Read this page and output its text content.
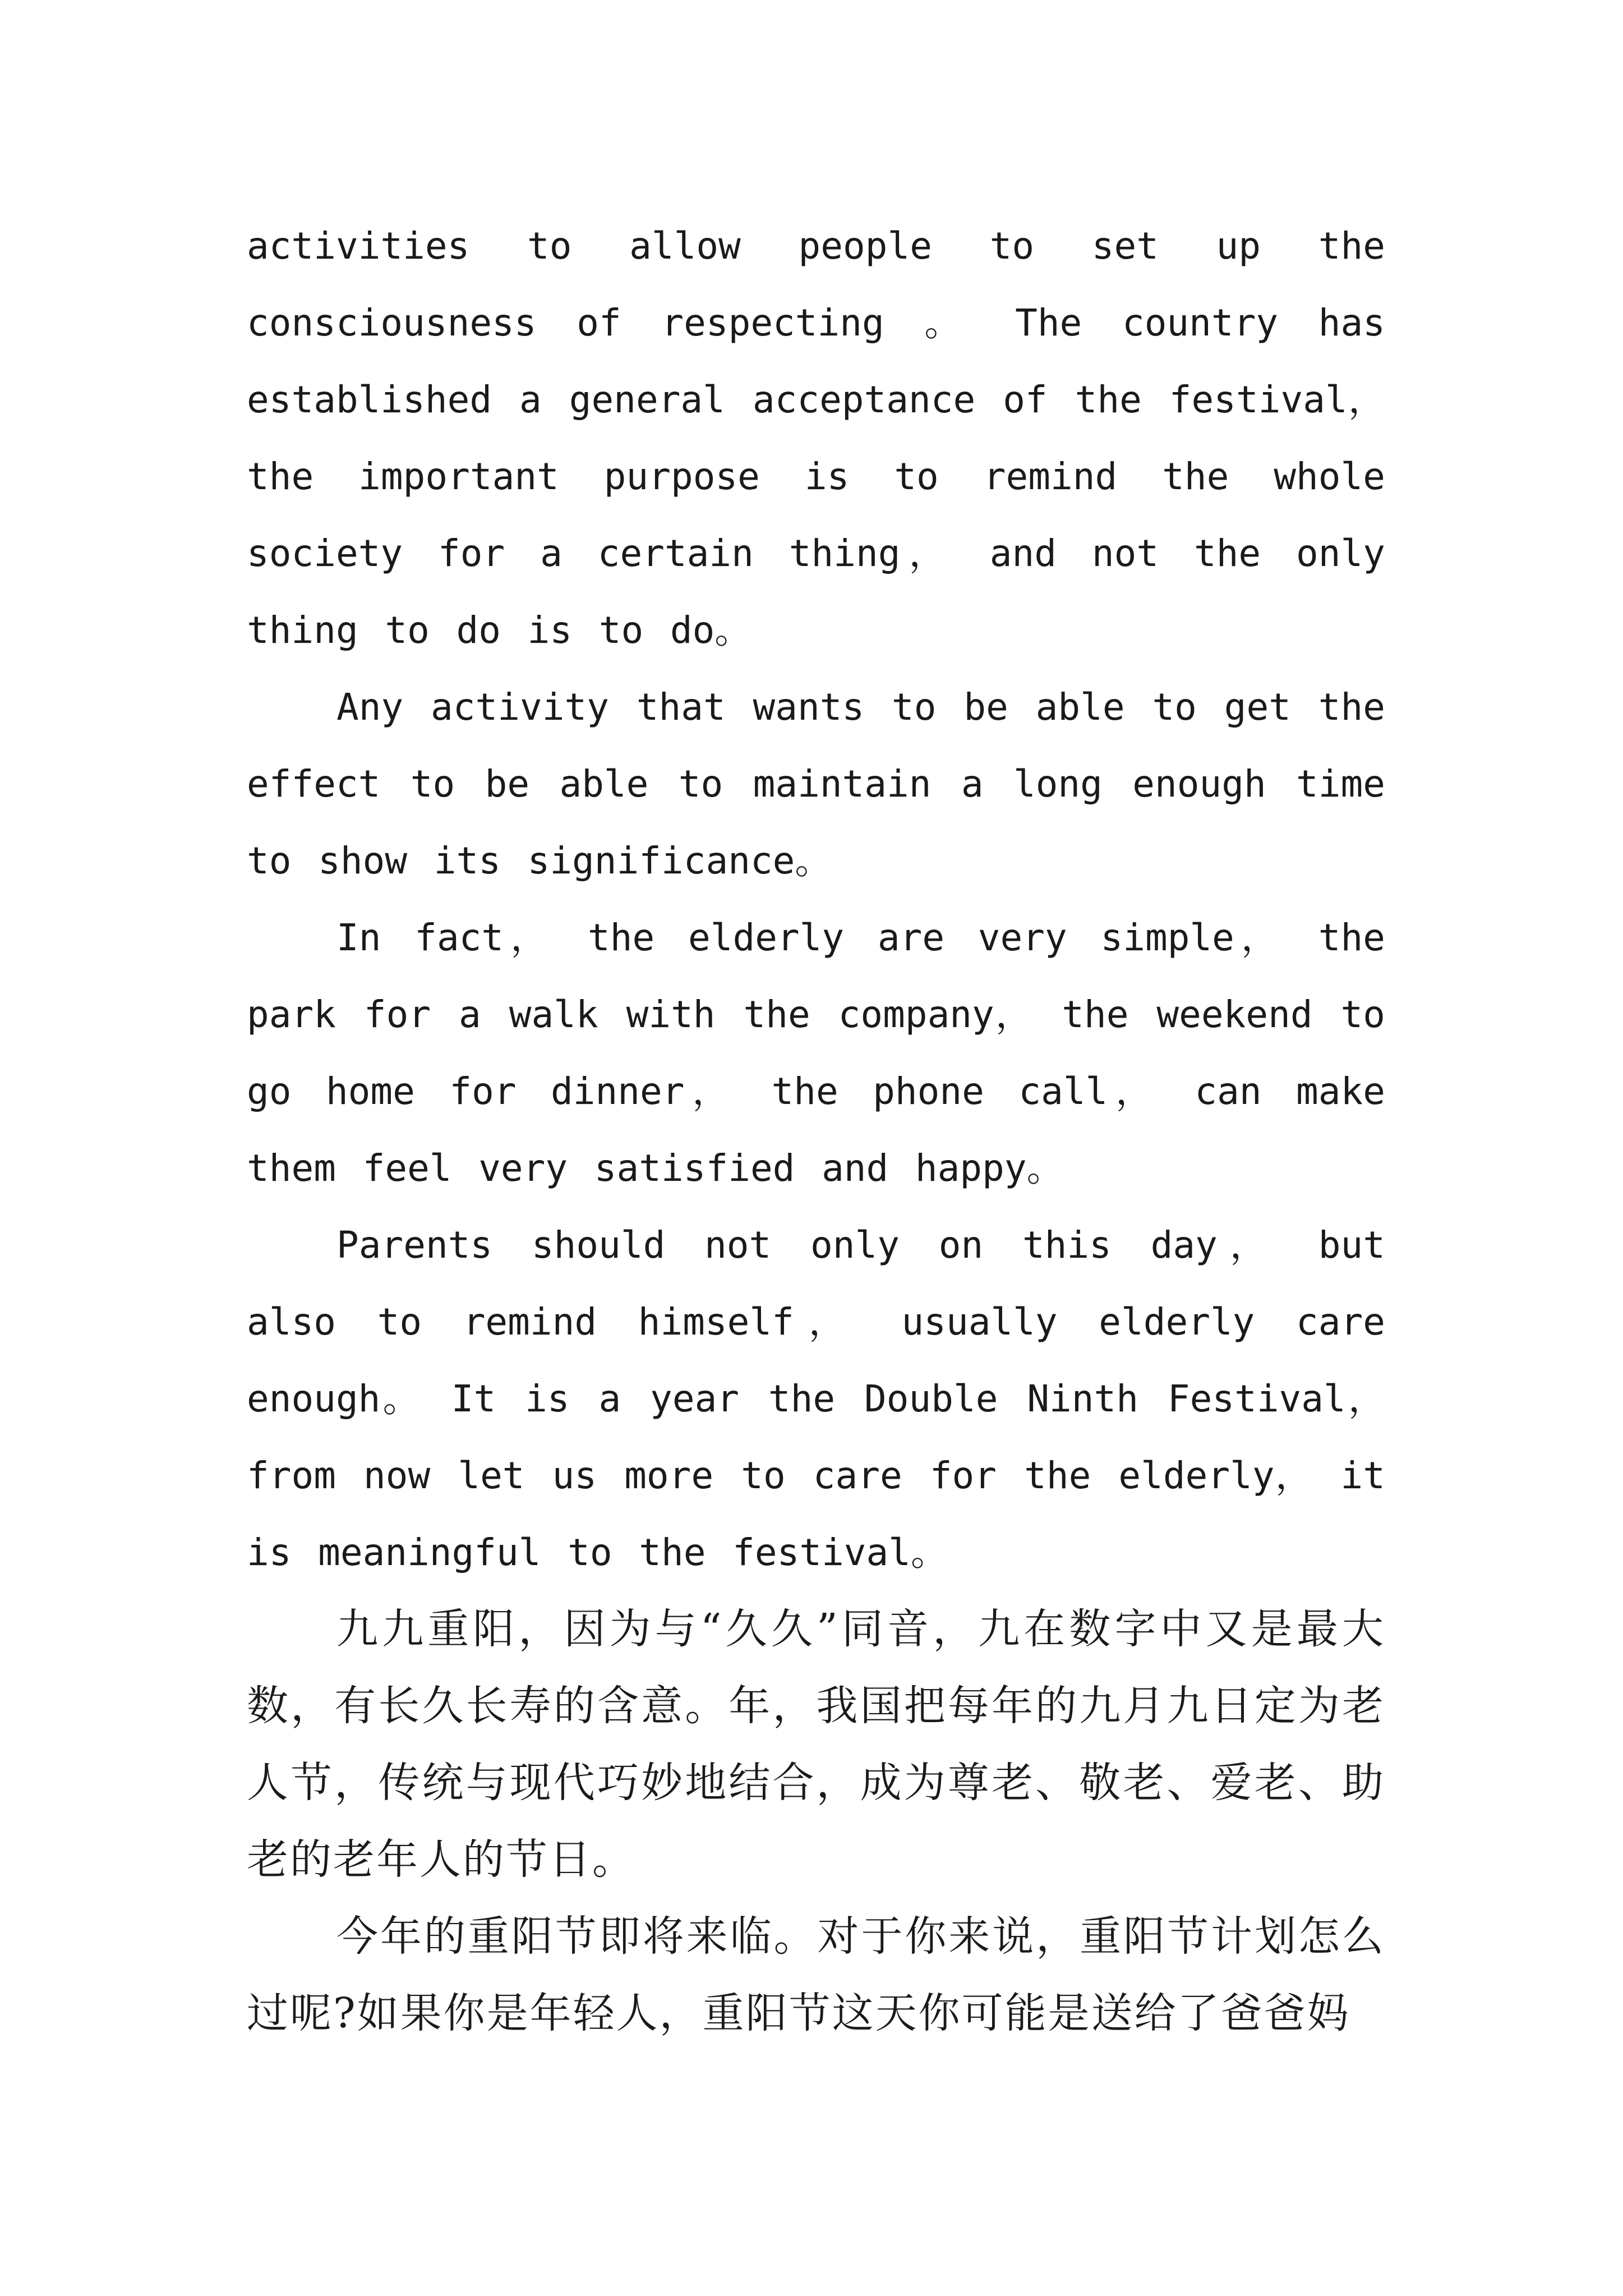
activities to allow people to set up the consciousness of respecting 。 The country has established a general acceptance of the festival， the important purpose is to remind the whole society for a certain thing， and not the only thing to do is to do。

Any activity that wants to be able to get the effect to be able to maintain a long enough time to show its significance。

In fact， the elderly are very simple， the park for a walk with the company， the weekend to go home for dinner， the phone call， can make them feel very satisfied and happy。

Parents should not only on this day， but also to remind himself， usually elderly care enough。 It is a year the Double Ninth Festival， from now let us more to care for the elderly， it is meaningful to the festival。

九九重阳，因为与“久久”同音，九在数字中又是最大数，有长久长寿的含意。年，我国把每年的九月九日定为老人节，传统与现代巧妙地结合，成为尊老、敬老、爱老、助老的老年人的节日。

今年的重阳节即将来临。对于你来说，重阳节计划怎么过呢?如果你是年轻人，重阳节这天你可能是送给了爸爸妈
